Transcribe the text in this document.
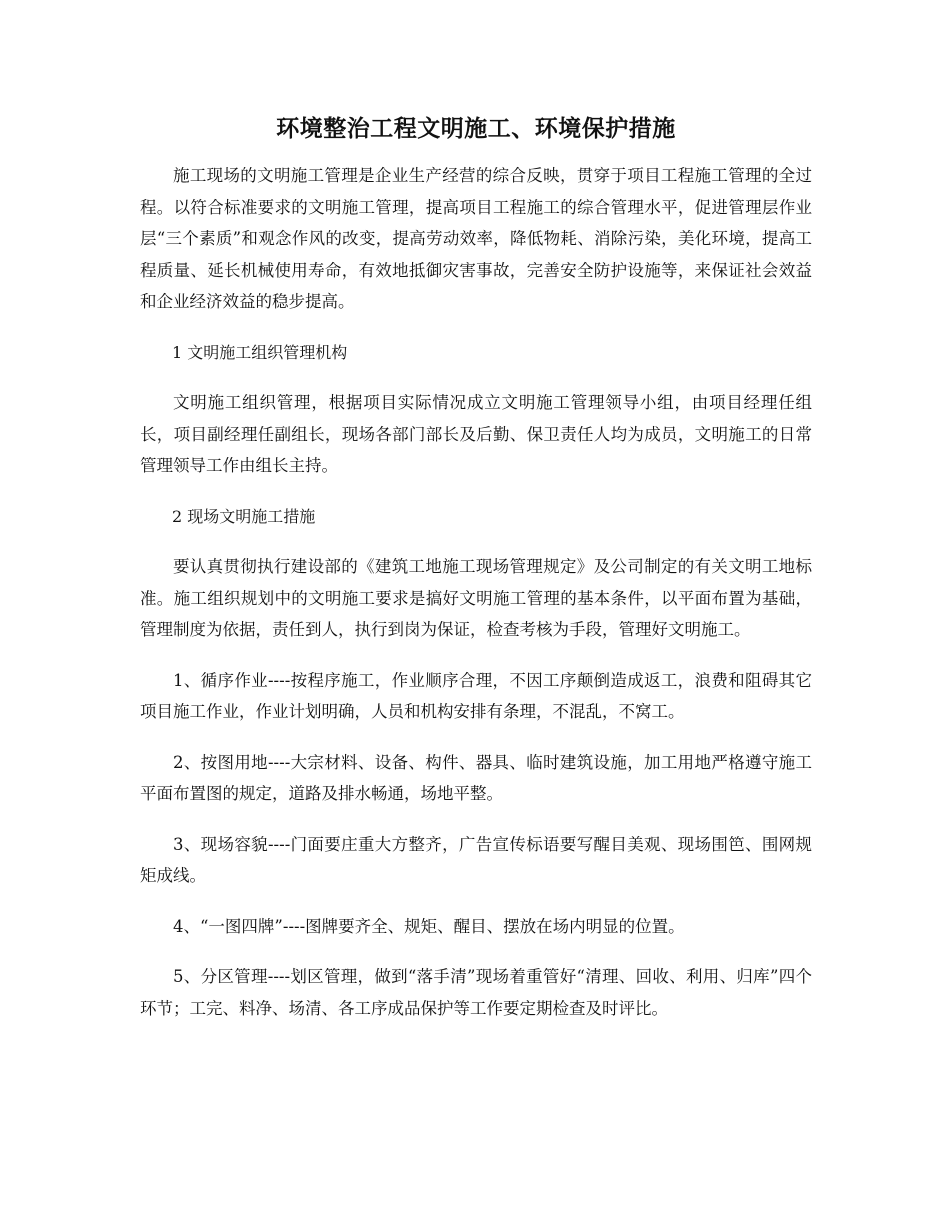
环境整治工程文明施工、环境保护措施

施工现场的文明施工管理是企业生产经营的综合反映，贯穿于项目工程施工管理的全过程。以符合标准要求的文明施工管理，提高项目工程施工的综合管理水平，促进管理层作业层“三个素质”和观念作风的改变，提高劳动效率，降低物耗、消除污染，美化环境，提高工程质量、延长机械使用寿命，有效地抵御灾害事故，完善安全防护设施等，来保证社会效益和企业经济效益的稳步提高。

1 文明施工组织管理机构

文明施工组织管理，根据项目实际情况成立文明施工管理领导小组，由项目经理任组长，项目副经理任副组长，现场各部门部长及后勤、保卫责任人均为成员，文明施工的日常管理领导工作由组长主持。

2 现场文明施工措施

要认真贯彻执行建设部的《建筑工地施工现场管理规定》及公司制定的有关文明工地标准。施工组织规划中的文明施工要求是搞好文明施工管理的基本条件，以平面布置为基础，管理制度为依据，责任到人，执行到岗为保证，检查考核为手段，管理好文明施工。

1、循序作业----按程序施工，作业顺序合理，不因工序颠倒造成返工，浪费和阻碍其它项目施工作业，作业计划明确，人员和机构安排有条理，不混乱，不窝工。

2、按图用地----大宗材料、设备、构件、器具、临时建筑设施，加工用地严格遵守施工平面布置图的规定，道路及排水畅通，场地平整。

3、现场容貌----门面要庄重大方整齐，广告宣传标语要写醒目美观、现场围笆、围网规矩成线。

4、“一图四牌”----图牌要齐全、规矩、醒目、摆放在场内明显的位置。

5、分区管理----划区管理，做到“落手清”现场着重管好“清理、回收、利用、归库”四个环节；工完、料净、场清、各工序成品保护等工作要定期检查及时评比。
